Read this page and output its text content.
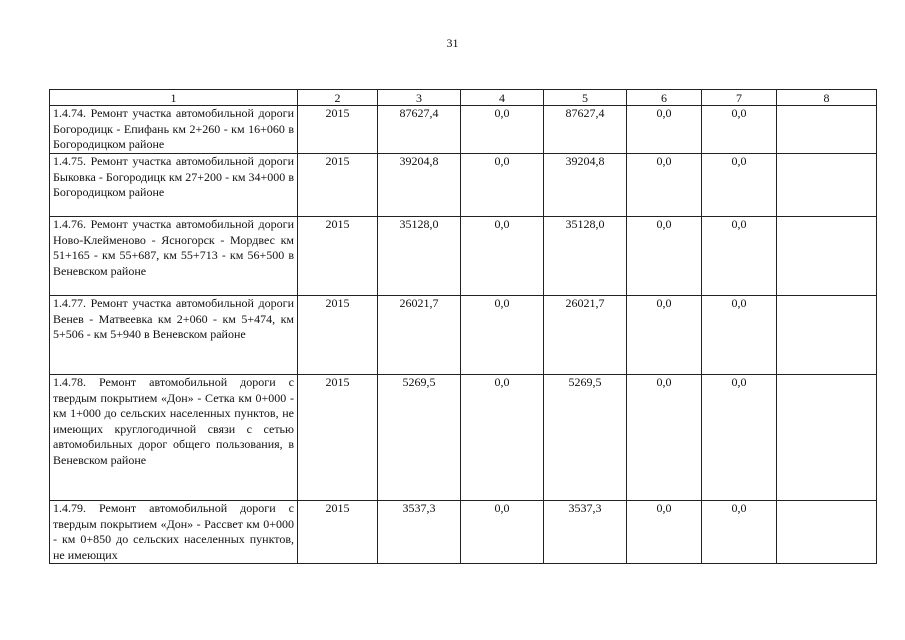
31
1	2	3	4	5	6	7	8
1.4.74. Ремонт участка автомобильной дороги Богородицк - Епифань км 2+260 - км 16+060 в Богородицком районе	2015	87627,4	0,0	87627,4	0,0	0,0	
1.4.75. Ремонт участка автомобильной дороги Быковка - Богородицк км 27+200 - км 34+000 в Богородицком районе	2015	39204,8	0,0	39204,8	0,0	0,0	
1.4.76. Ремонт участка автомобильной дороги Ново-Клейменово - Ясногорск - Мордвес км 51+165 - км 55+687, км 55+713 - км 56+500 в Веневском районе	2015	35128,0	0,0	35128,0	0,0	0,0	
1.4.77. Ремонт участка автомобильной дороги Венев - Матвеевка км 2+060 - км 5+474, км 5+506 - км 5+940 в Веневском районе	2015	26021,7	0,0	26021,7	0,0	0,0	
1.4.78. Ремонт автомобильной дороги с твердым покрытием «Дон» - Сетка км 0+000 - км 1+000 до сельских населенных пунктов, не имеющих круглогодичной связи с сетью автомобильных дорог общего пользования, в Веневском районе	2015	5269,5	0,0	5269,5	0,0	0,0	
1.4.79. Ремонт автомобильной дороги с твердым покрытием «Дон» - Рассвет км 0+000 - км 0+850 до сельских населенных пунктов, не имеющих	2015	3537,3	0,0	3537,3	0,0	0,0	
